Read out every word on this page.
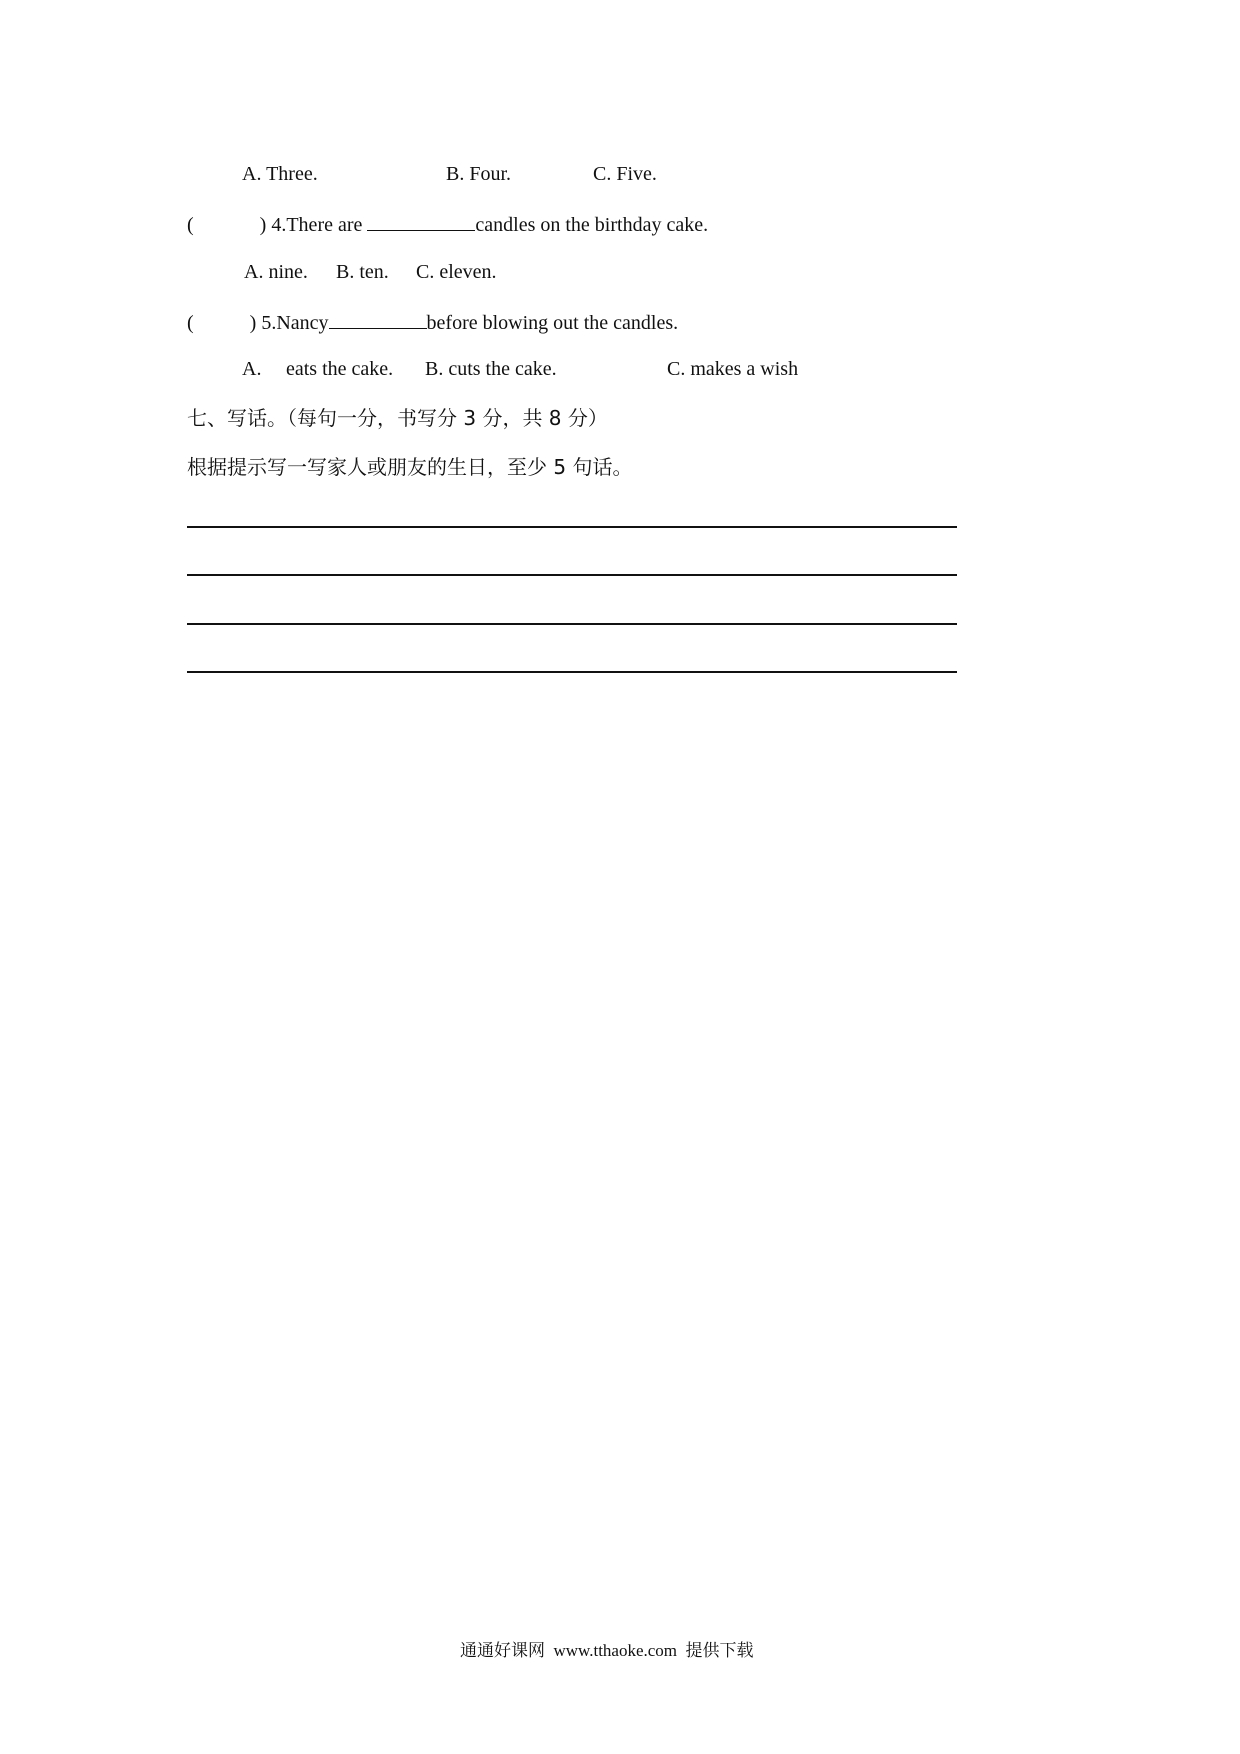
A. Three.	B. Four.	C. Five.
(	) 4.There are	candles on the birthday cake.
A. nine. B. ten. C. eleven.
(	) 5.Nancy	before blowing out the candles.
A. eats the cake. B. cuts the cake.	C. makes a wish
七、写话。（每句一分，书写分 3 分，共 8 分）
根据提示写一写家人或朋友的生日，至少 5 句话。
通通好课网 www.tthaoke.com 提供下载
